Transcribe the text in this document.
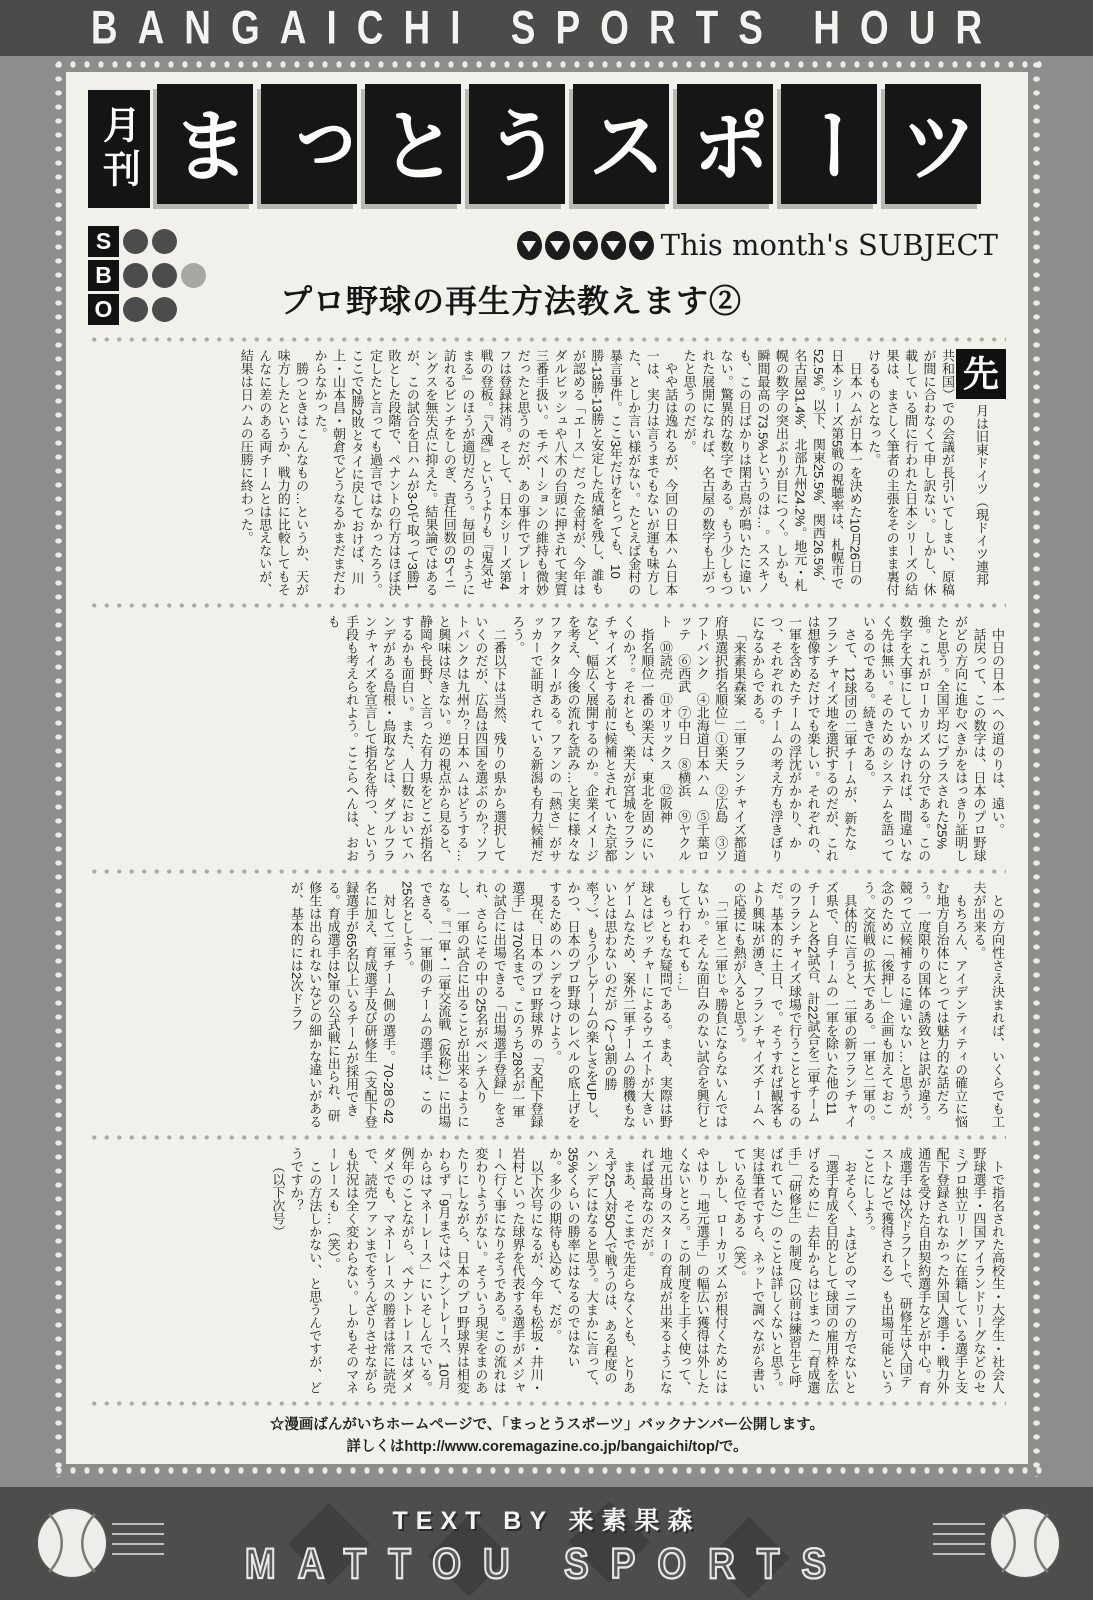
BANGAICHI SPORTS HOUR
月刊 ま っ と う ス ポ ー ツ
S
B
O
This month's SUBJECT
プロ野球の再生方法教えます②

先月は旧東ドイツ（現ドイツ連邦共和国）での会議が長引いてしまい、原稿が間に合わなくて申し訳ない。しかし、休載している間に行われた日本シリーズの結果は、まさしく筆者の主張をそのまま裏付けるものとなった。

日本ハムが日本一を決めた10月26日の日本シリーズ第5戦の視聴率は、札幌市で52.5%。以下、関東25.5%、関西26.5%、名古屋31.4%、北部九州24.2%。地元・札幌の数字の突出ぶりが目につく。しかも、瞬間最高の73.5%というのは…。ススキノも、この日ばかりは閑古鳥が鳴いたに違いない。驚異的な数字である。もう少しもつれた展開になれば、名古屋の数字も上がったと思うのだが。

やや話は逸れるが、今回の日本ハム日本一は、実力は言うまでもないが運も味方した、としか言い様がない。たとえば金村の暴言事件。ここ3年だけをとっても、10勝-13勝-13勝と安定した成績を残し、誰もが認める「エース」だった金村が、今年はダルビッシュや八木の台頭に押されて実質三番手扱い。モチベーションの維持も微妙だったと思うのだが、あの事件でプレーオフは登録抹消。そして、日本シリーズ第4戦の登板。『入魂』というよりも『鬼気せまる』のほうが適切だろう。毎回のように訪れるピンチをしのぎ、責任回数の5イニングスを無失点に抑えた。結果論ではあるが、この試合を日ハムが3-0で取って3勝1敗とした段階で、ペナントの行方はほぼ決定したと言っても過言ではなかったろう。ここで2勝2敗とタイに戻しておけば、川上・山本昌・朝倉でどうなるかまだまだわからなかった。

勝つときはこんなもの…というか、天が味方したというか、戦力的に比較してもそんなに差のある両チームとは思えないが、結果は日ハムの圧勝に終わった。

中日の日本一への道のりは、遠い。

話戻って、この数字は、日本のプロ野球がどの方向に進むべきかをはっきり証明したと思う。全国平均にプラスされた25%強。これがローカリズムの分である。この数字を大事にしていかなければ、間違いなく先は無い。そのためのシステムを語っているのである。続きである。

さて、12球団の二軍チームが、新たなフランチャイズ地を選択するのだが、これは想像するだけでも楽しい。それぞれの、一軍を含めたチームの浮沈がかかり、かつ、それぞれのチームの考え方も浮きぼりになるからである。

「来素果森案　二軍フランチャイズ都道府県選択指名順位」①楽天　②広島　③ソフトバンク　④北海道日本ハム　⑤千葉ロッテ　⑥西武　⑦中日　⑧横浜　⑨ヤクルト　⑩読売　⑪オリックス　⑫阪神

指名順位一番の楽天は、東北を固めにいくのか？。それとも、楽天が宮城をフランチャイズとする前に候補とされていた京都など、幅広く展開するのか。企業イメージを考え、今後の流れを読み…と実に様々なファクターがある。ファンの「熱さ」がサッカーで証明されている新潟も有力候補だろう。

二番以下は当然、残りの県から選択していくのだが、広島は四国を選ぶのか？ソフトバンクは九州か？日本ハムはどうする…と興味は尽きない。逆の視点から見ると、静岡や長野、と言った有力県をどこが指名するかも面白い。また、人口数においてハンデがある島根・鳥取などは、ダブルフランチャイズを宣言して指名を待つ、という手段も考えられよう。ここらへんは、おおも

との方向性さえ決まれば、いくらでも工夫が出来る。

もちろん、アイデンティティの確立に悩む地方自治体にとっては魅力的な話だろう。一度限りの国体の誘致とは訳が違う。競って立候補するに違いない…と思うが、念のために「後押し」企画も加えておこう。交流戦の拡大である。一軍と二軍の。

具体的に言うと、二軍の新フランチャイズ県で、自チームの一軍を除いた他の11チームと各2試合、計22試合を二軍チームのフランチャイズ球場で行うこととするのだ。基本的に土日、で。そうすれば観客もより興味が湧き、フランチャイズチームへの応援にも熱が入ると思う。

「二軍と二軍じゃ勝負にならないんではないか。そんな面白みのない試合を興行として行われても…」

もっともな疑問である。まあ、実際は野球とはピッチャーによるウエイトが大きいゲームなため、案外二軍チームの勝機もないとは思わないのだが（2〜3割の勝率？）、もう少しゲームの楽しさをUPし、かつ、日本のプロ野球のレベルの底上げをするためのハンデをつけよう。

現在、日本のプロ野球界の「支配下登録選手」は70名まで。このうち28名が一軍の試合に出場できる「出場選手登録」をされ、さらにその中の25名がベンチ入りし、一軍の試合に出ることが出来るようになる。『一軍・二軍交流戦（仮称）』に出場できる、一軍側のチームの選手は、この25名としよう。

対して二軍チーム側の選手。70-28の42名に加え、育成選手及び研修生（支配下登録選手が65名以上いるチームが採用できる。育成選手は2軍の公式戦に出られ、研修生は出られないなどの細かな違いがあるが、基本的には2次ドラフ

トで指名された高校生・大学生・社会人野球選手・四国アイランドリーグなどのセミプロ独立リーグに在籍している選手と支配下登録されなかった外国人選手・戦力外通告を受けた自由契約選手などが中心。育成選手は2次ドラフトで、研修生は入団テストなどで獲得される）も出場可能ということにしよう。

おそらく、よほどのマニアの方でないと「選手育成を目的として球団の雇用枠を広げるために」去年からはじまった「育成選手」「研修生」の制度（以前は練習生と呼ばれていた）のことは詳しくないと思う。実は筆者ですら、ネットで調べながら書いている位である（笑）。

しかし、ローカリズムが根付くためにはやはり「地元選手」の幅広い獲得は外したくないところ。この制度を上手く使って、地元出身のスターの育成が出来るようになれば最高なのだが。

まあ、そこまで先走らなくとも、とりあえず25人対50人で戦うのは、ある程度のハンデにはなると思う。大まかに言って、35%くらいの勝率にはなるのではないか。多少の期待も込めて、だが。

以下次号になるが、今年も松坂・井川・岩村といった球界を代表する選手がメジャーへ行く事になりそうである。この流れは変わりようがない。そういう現実をまのあたりにしながら、日本のプロ野球界は相変わらず「9月まではペナントレース、10月からはマネーレース」にいそしんでいる。例年のことながら、ペナントレースはダメダメでも、マネーレースの勝者は常に読売で、読売ファンまでをうんざりさせながらも状況は全く変わらない。しかもそのマネーレースも…（笑）。

この方法しかない、と思うんですが、どうですか？

（以下次号）

☆漫画ばんがいちホームページで、「まっとうスポーツ」バックナンバー公開します。
詳しくはhttp://www.coremagazine.co.jp/bangaichi/top/で。
TEXT BY 来素果森
MATTOU SPORTS
